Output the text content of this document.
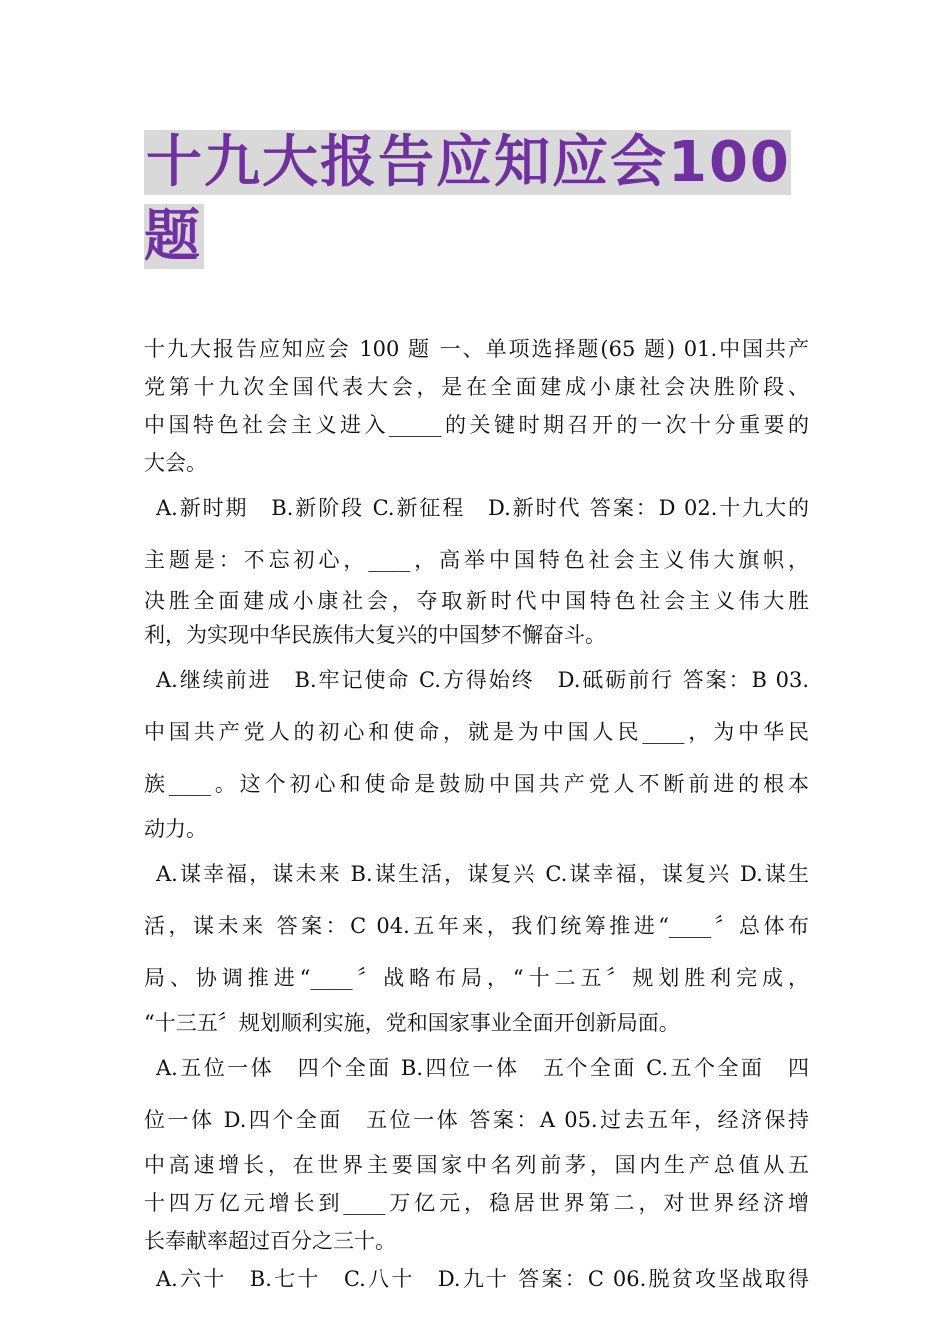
十九大报告应知应会100题
十九大报告应知应会 100 题 一、单项选择题(65 题) 01.中国共产
党第十九次全国代表大会，是在全面建成小康社会决胜阶段、
中国特色社会主义进入_____的关键时期召开的一次十分重要的
大会。
A.新时期　B.新阶段 C.新征程　D.新时代 答案：D 02.十九大的
主题是：不忘初心，____，高举中国特色社会主义伟大旗帜，
决胜全面建成小康社会，夺取新时代中国特色社会主义伟大胜
利，为实现中华民族伟大复兴的中国梦不懈奋斗。
A.继续前进　B.牢记使命 C.方得始终　D.砥砺前行 答案：B 03.
中国共产党人的初心和使命，就是为中国人民____，为中华民
族____。这个初心和使命是鼓励中国共产党人不断前进的根本
动力。
A.谋幸福，谋未来 B.谋生活，谋复兴 C.谋幸福，谋复兴 D.谋生
活，谋未来 答案：C 04.五年来，我们统筹推进“____〞总体布
局、协调推进“____〞战略布局，“十二五〞规划胜利完成，
“十三五〞规划顺利实施，党和国家事业全面开创新局面。
A.五位一体　四个全面 B.四位一体　五个全面 C.五个全面　四
位一体 D.四个全面　五位一体 答案：A 05.过去五年，经济保持
中高速增长，在世界主要国家中名列前茅，国内生产总值从五
十四万亿元增长到____万亿元，稳居世界第二，对世界经济增
长奉献率超过百分之三十。
A.六十　B.七十　C.八十　D.九十 答案：C 06.脱贫攻坚战取得
